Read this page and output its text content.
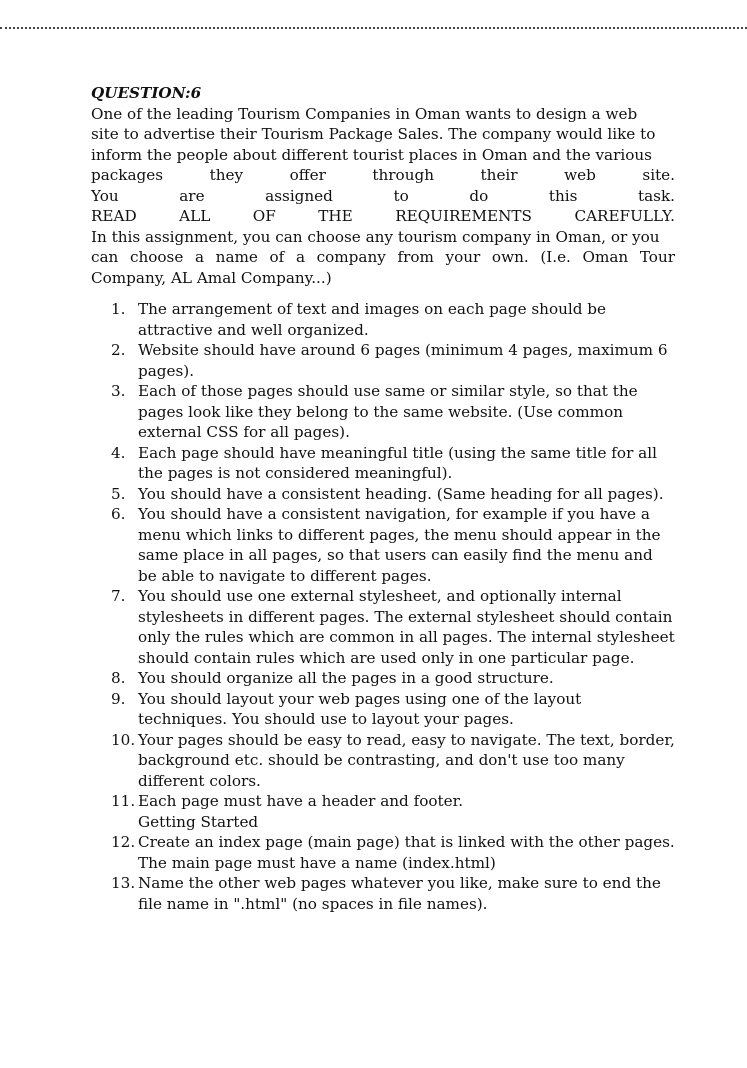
QUESTION:6

One of the leading Tourism Companies in Oman wants to design a web

site to advertise their Tourism Package Sales. The company would like to

inform the people about different tourist places in Oman and the various

packages they offer through their web site.

You are assigned to do this task.

READ ALL OF THE REQUIREMENTS CAREFULLY.

In this assignment, you can choose any tourism company in Oman, or you

can choose a name of a company from your own. (I.e. Oman Tour

Company, AL Amal Company...)

1. The arrangement of text and images on each page should be attractive and well organized.
2. Website should have around 6 pages (minimum 4 pages, maximum 6 pages).
3. Each of those pages should use same or similar style, so that the pages look like they belong to the same website. (Use common external CSS for all pages).
4. Each page should have meaningful title (using the same title for all the pages is not considered meaningful).
5. You should have a consistent heading. (Same heading for all pages).
6. You should have a consistent navigation, for example if you have a menu which links to different pages, the menu should appear in the same place in all pages, so that users can easily find the menu and be able to navigate to different pages.
7. You should use one external stylesheet, and optionally internal stylesheets in different pages. The external stylesheet should contain only the rules which are common in all pages. The internal stylesheet should contain rules which are used only in one particular page.
8. You should organize all the pages in a good structure.
9. You should layout your web pages using one of the layout techniques. You should use to layout your pages.
10. Your pages should be easy to read, easy to navigate. The text, border, background etc. should be contrasting, and don't use too many different colors.
11. Each page must have a header and footer.
Getting Started
12. Create an index page (main page) that is linked with the other pages. The main page must have a name (index.html)
13. Name the other web pages whatever you like, make sure to end the file name in ".html" (no spaces in file names).
